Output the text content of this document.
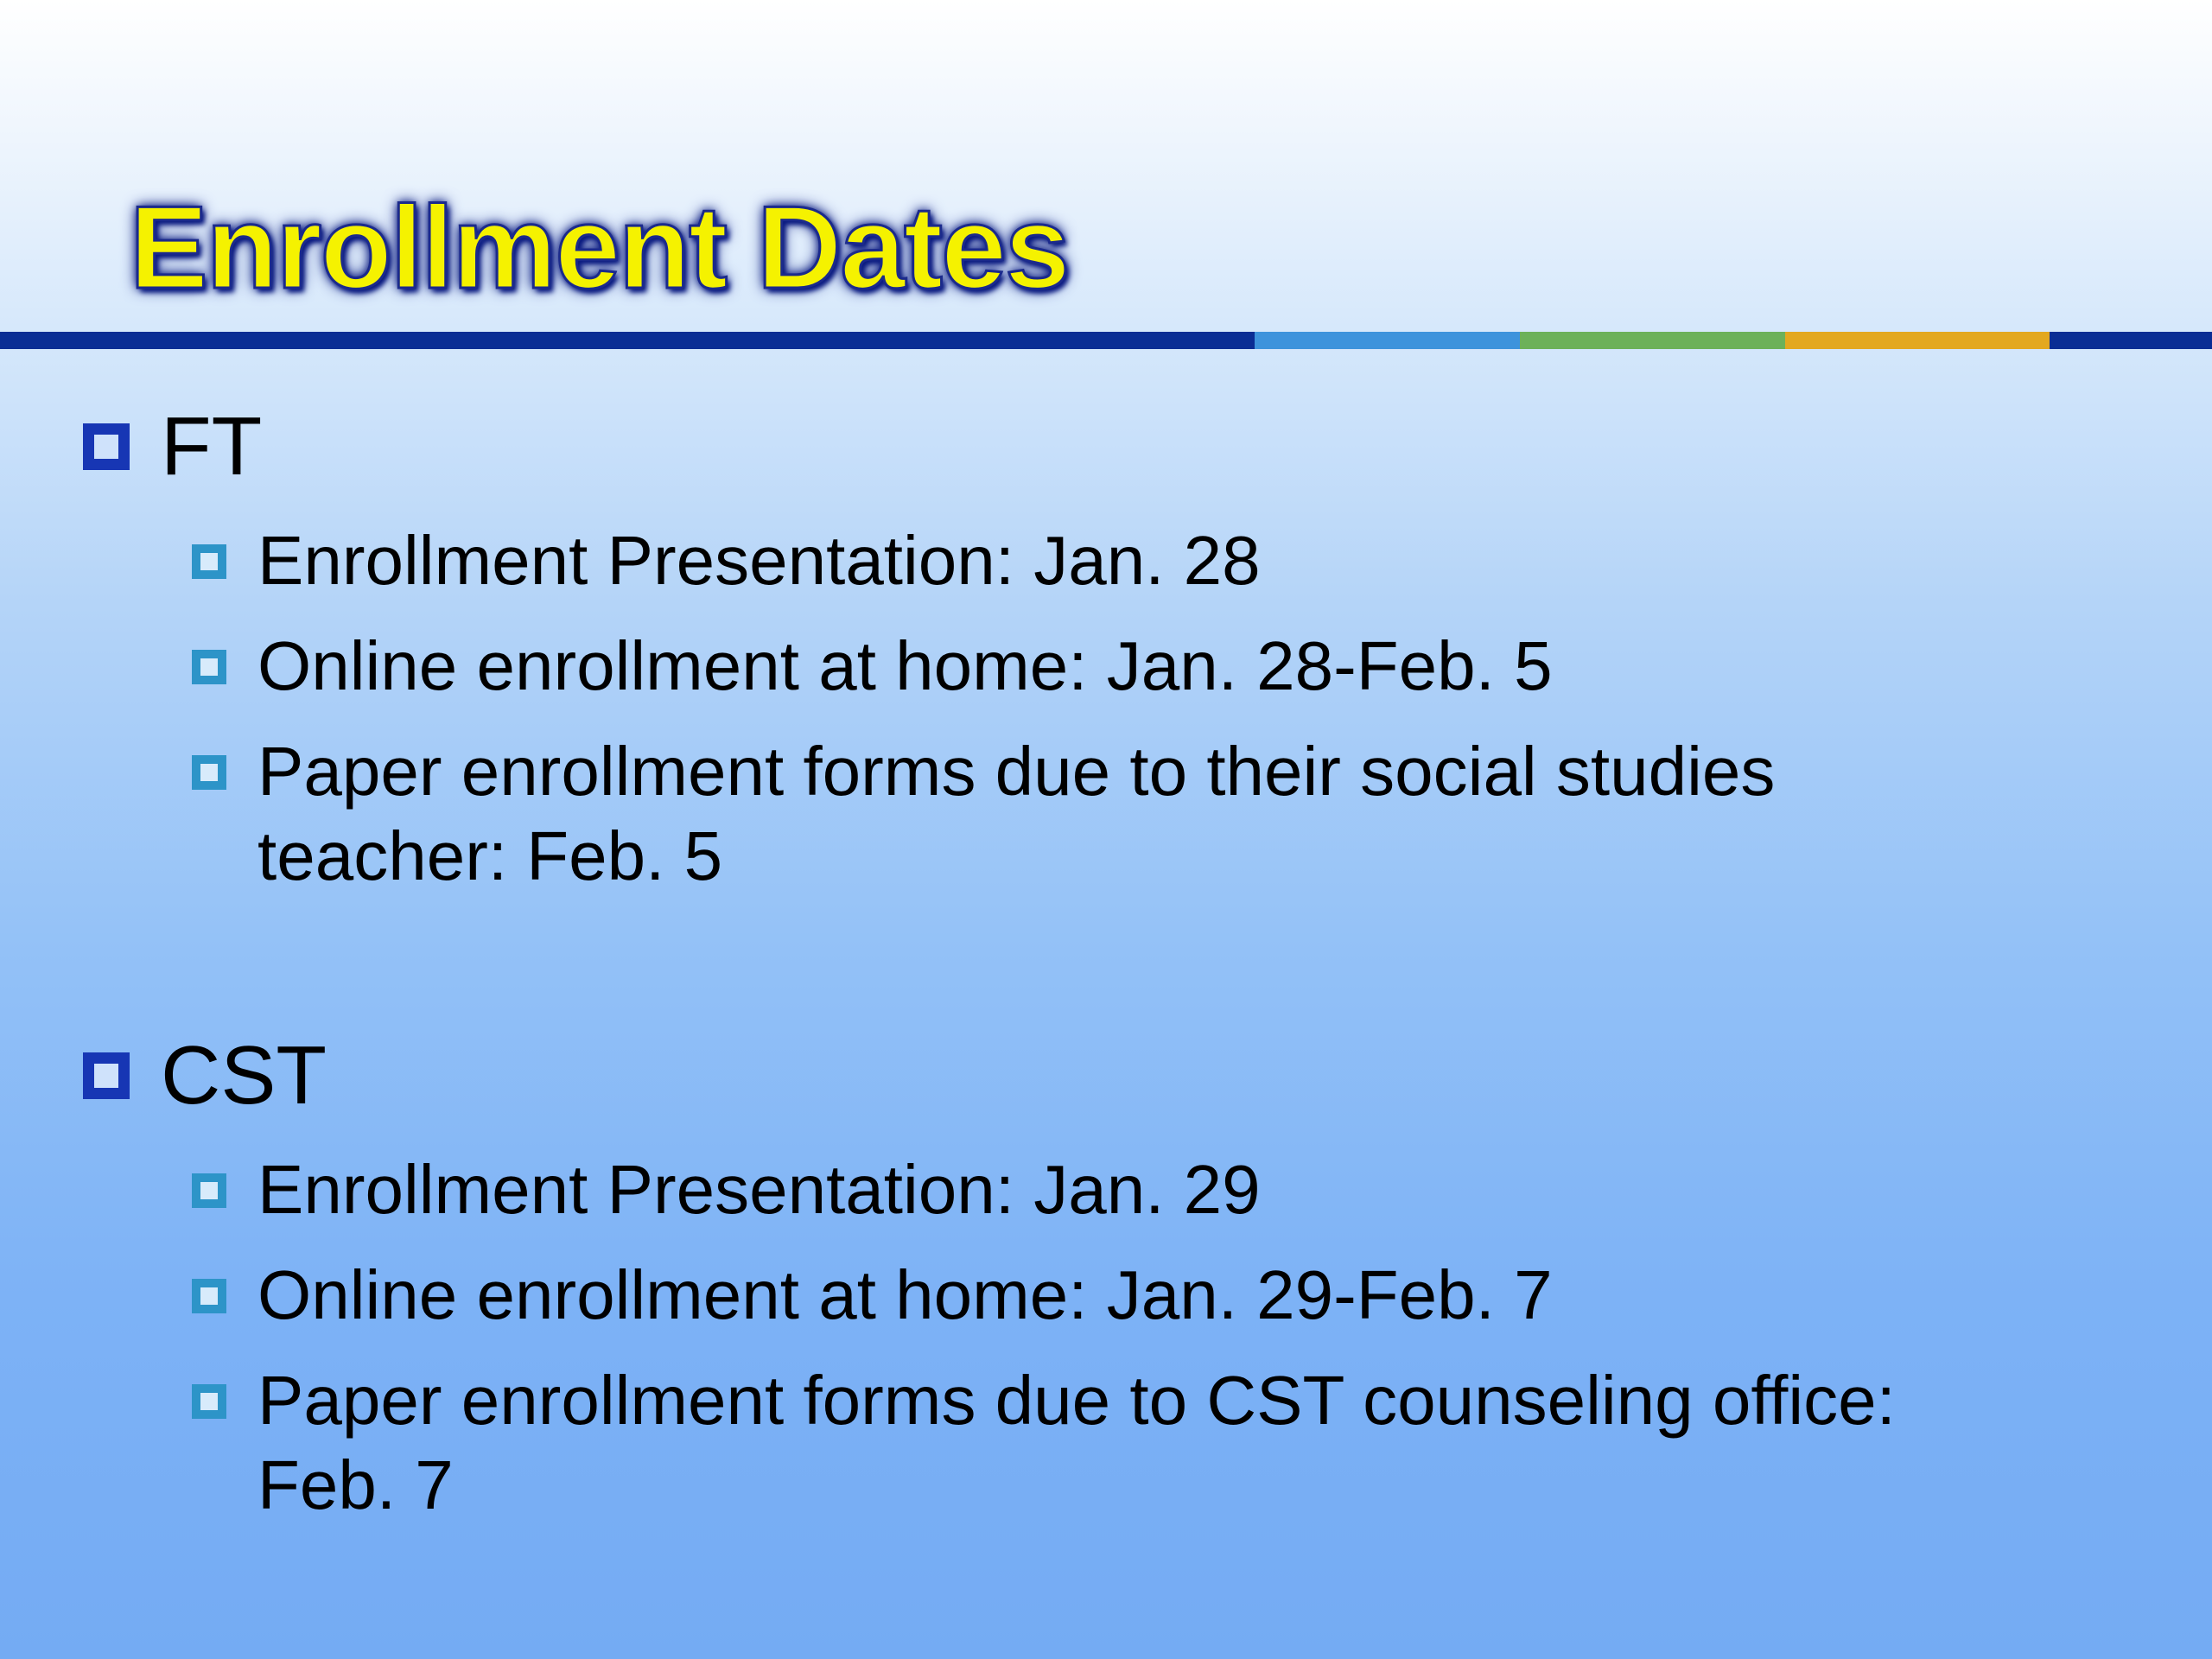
Enrollment Dates
FT
Enrollment Presentation: Jan. 28
Online enrollment at home: Jan. 28-Feb. 5
Paper enrollment forms due to their social studies teacher: Feb. 5
CST
Enrollment Presentation: Jan. 29
Online enrollment at home: Jan. 29-Feb. 7
Paper enrollment forms due to CST counseling office: Feb. 7
